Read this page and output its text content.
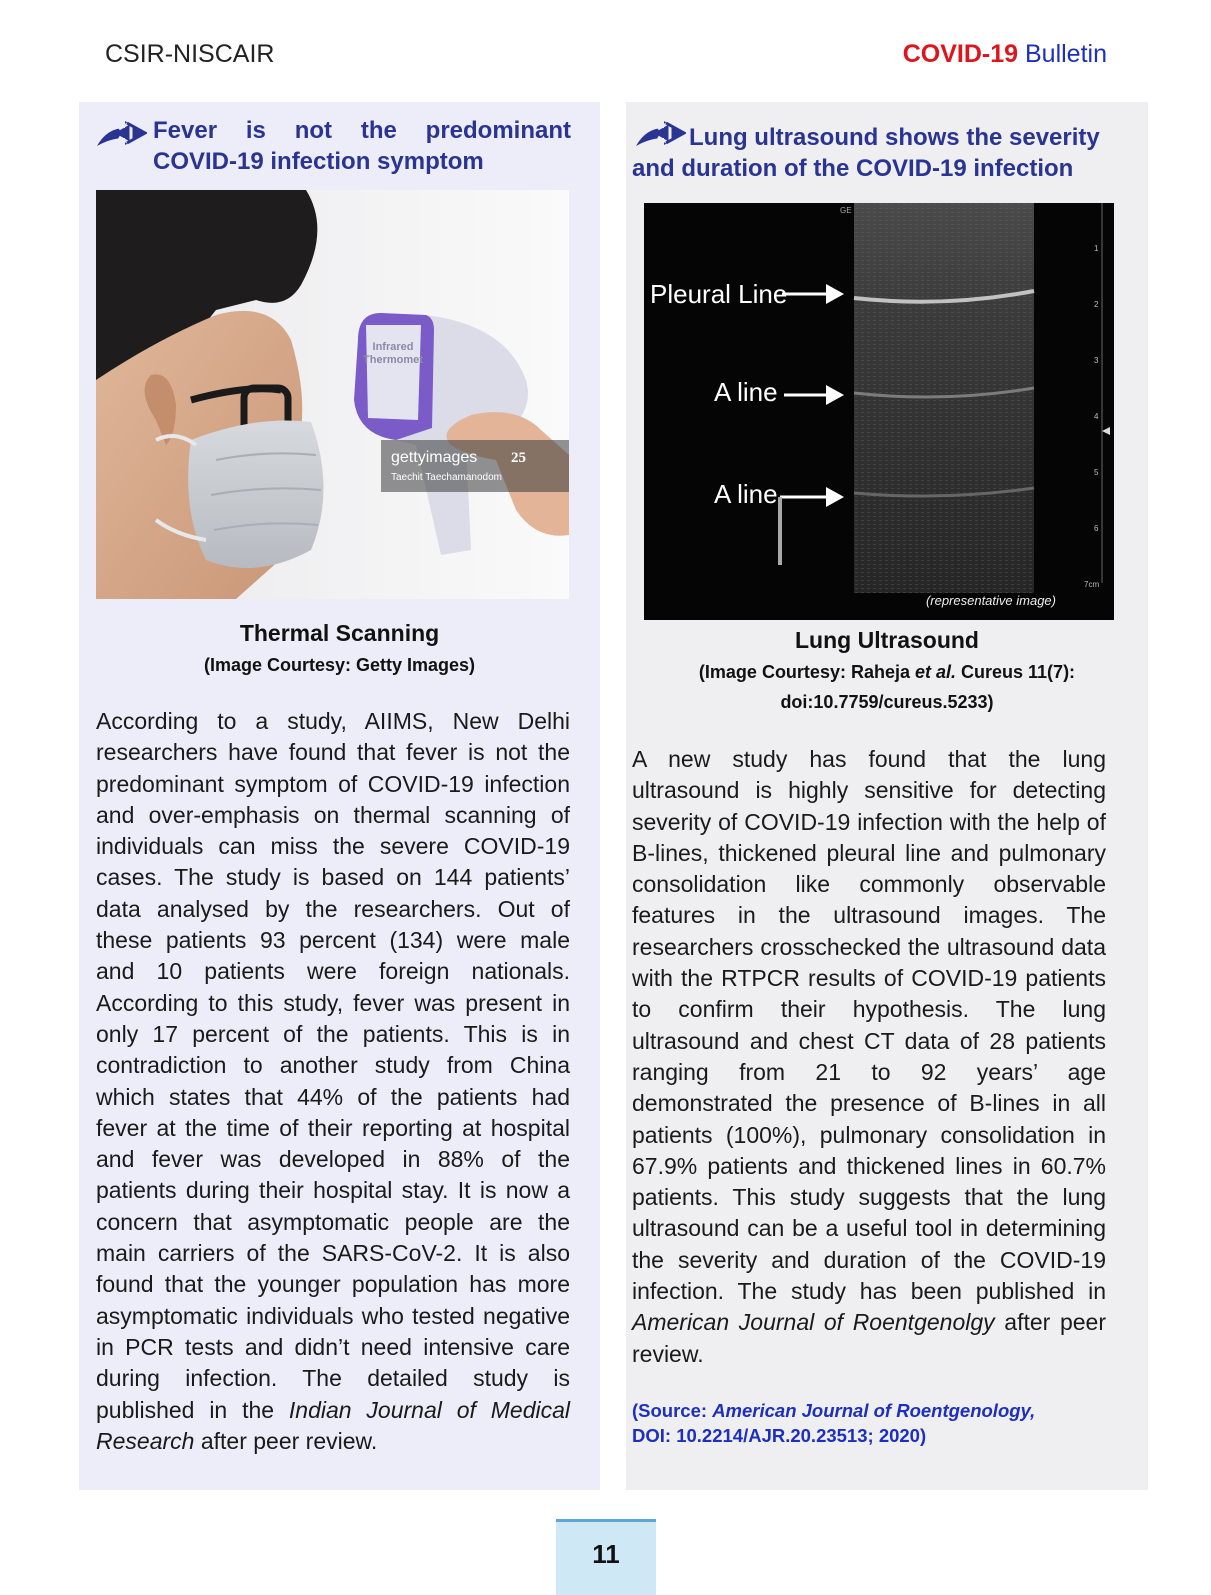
CSIR-NISCAIR	COVID-19 Bulletin
Fever is not the predominant
COVID-19 infection symptom
Infrared
Thermomet
gettyimages 25
Taechit Taechamanodom
Thermal Scanning
(Image Courtesy: Getty Images)
According to a study, AIIMS, New Delhi researchers have found that fever is not the predominant symptom of COVID-19 infection and over-emphasis on thermal scanning of individuals can miss the severe COVID-19 cases. The study is based on 144 patients’ data analysed by the researchers. Out of these patients 93 percent (134) were male and 10 patients were foreign nationals. According to this study, fever was present in only 17 percent of the patients. This is in contradiction to another study from China which states that 44% of the patients had fever at the time of their reporting at hospital and fever was developed in 88% of the patients during their hospital stay. It is now a concern that asymptomatic people are the main carriers of the SARS-CoV-2. It is also found that the younger population has more asymptomatic individuals who tested negative in PCR tests and didn’t need intensive care during infection. The detailed study is published in the Indian Journal of Medical Research after peer review.
Lung ultrasound shows the severity
and duration of the COVID-19 infection
GE
1
2
3
4
5
6
7cm
Pleural Line
A line
A line
(representative image)
Lung Ultrasound
(Image Courtesy: Raheja et al. Cureus 11(7):
doi:10.7759/cureus.5233)
A new study has found that the lung ultrasound is highly sensitive for detecting severity of COVID-19 infection with the help of B-lines, thickened pleural line and pulmonary consolidation like commonly observable features in the ultrasound images. The researchers crosschecked the ultrasound data with the RTPCR results of COVID-19 patients to confirm their hypothesis. The lung ultrasound and chest CT data of 28 patients ranging from 21 to 92 years’ age demonstrated the presence of B-lines in all patients (100%), pulmonary consolidation in 67.9% patients and thickened lines in 60.7% patients. This study suggests that the lung ultrasound can be a useful tool in determining the severity and duration of the COVID-19 infection. The study has been published in American Journal of Roentgenolgy after peer review.
(Source: American Journal of Roentgenology,
DOI: 10.2214/AJR.20.23513; 2020)
11
